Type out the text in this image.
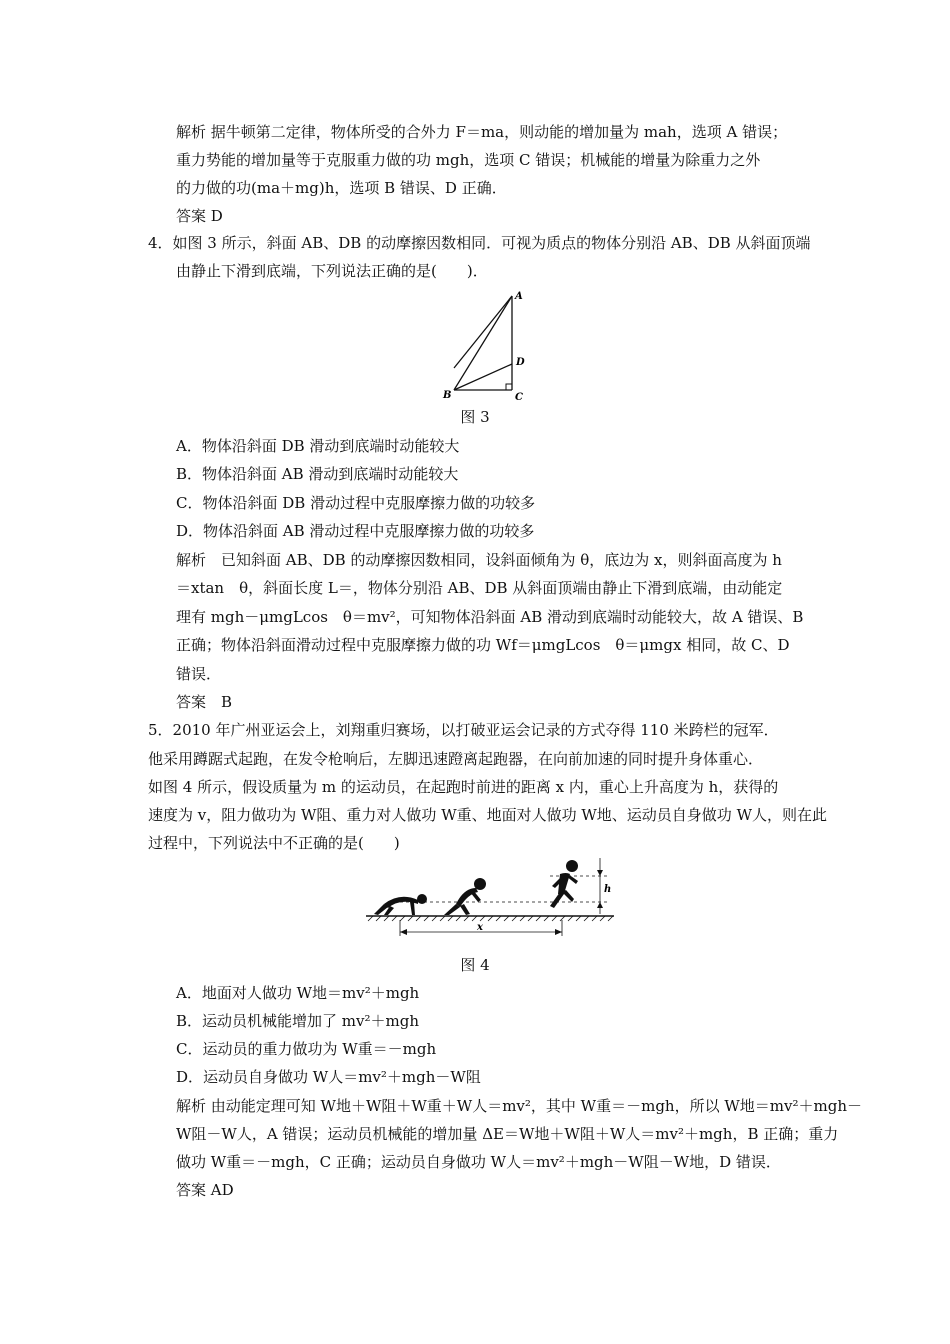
解析 据牛顿第二定律，物体所受的合外力 F＝ma，则动能的增加量为 mah，选项 A 错误；
重力势能的增加量等于克服重力做的功 mgh，选项 C 错误；机械能的增量为除重力之外
的力做的功(ma＋mg)h，选项 B 错误、D 正确．
答案 D
4．如图 3 所示，斜面 AB、DB 的动摩擦因数相同．可视为质点的物体分别沿 AB、DB 从斜面顶端
由静止下滑到底端，下列说法正确的是(　　)．
A
D
B	C
图 3
A．物体沿斜面 DB 滑动到底端时动能较大
B．物体沿斜面 AB 滑动到底端时动能较大
C．物体沿斜面 DB 滑动过程中克服摩擦力做的功较多
D．物体沿斜面 AB 滑动过程中克服摩擦力做的功较多
解析　已知斜面 AB、DB 的动摩擦因数相同，设斜面倾角为 θ，底边为 x，则斜面高度为 h
＝xtan　θ，斜面长度 L＝，物体分别沿 AB、DB 从斜面顶端由静止下滑到底端，由动能定
理有 mgh－μmgLcos　θ＝mv²，可知物体沿斜面 AB 滑动到底端时动能较大，故 A 错误、B
正确；物体沿斜面滑动过程中克服摩擦力做的功 Wf＝μmgLcos　θ＝μmgx 相同，故 C、D
错误．
答案　B
5．2010 年广州亚运会上，刘翔重归赛场，以打破亚运会记录的方式夺得 110 米跨栏的冠军．
他采用蹲踞式起跑，在发令枪响后，左脚迅速蹬离起跑器，在向前加速的同时提升身体重心．
如图 4 所示，假设质量为 m 的运动员，在起跑时前进的距离 x 内，重心上升高度为 h，获得的
速度为 v，阻力做功为 W阻、重力对人做功 W重、地面对人做功 W地、运动员自身做功 W人，则在此
过程中，下列说法中不正确的是(　　)
h
x
图 4
A．地面对人做功 W地＝mv²＋mgh
B．运动员机械能增加了 mv²＋mgh
C．运动员的重力做功为 W重＝－mgh
D．运动员自身做功 W人＝mv²＋mgh－W阻
解析 由动能定理可知 W地＋W阻＋W重＋W人＝mv²，其中 W重＝－mgh，所以 W地＝mv²＋mgh－
W阻－W人，A 错误；运动员机械能的增加量 ΔE＝W地＋W阻＋W人＝mv²＋mgh，B 正确；重力
做功 W重＝－mgh，C 正确；运动员自身做功 W人＝mv²＋mgh－W阻－W地，D 错误．
答案 AD
